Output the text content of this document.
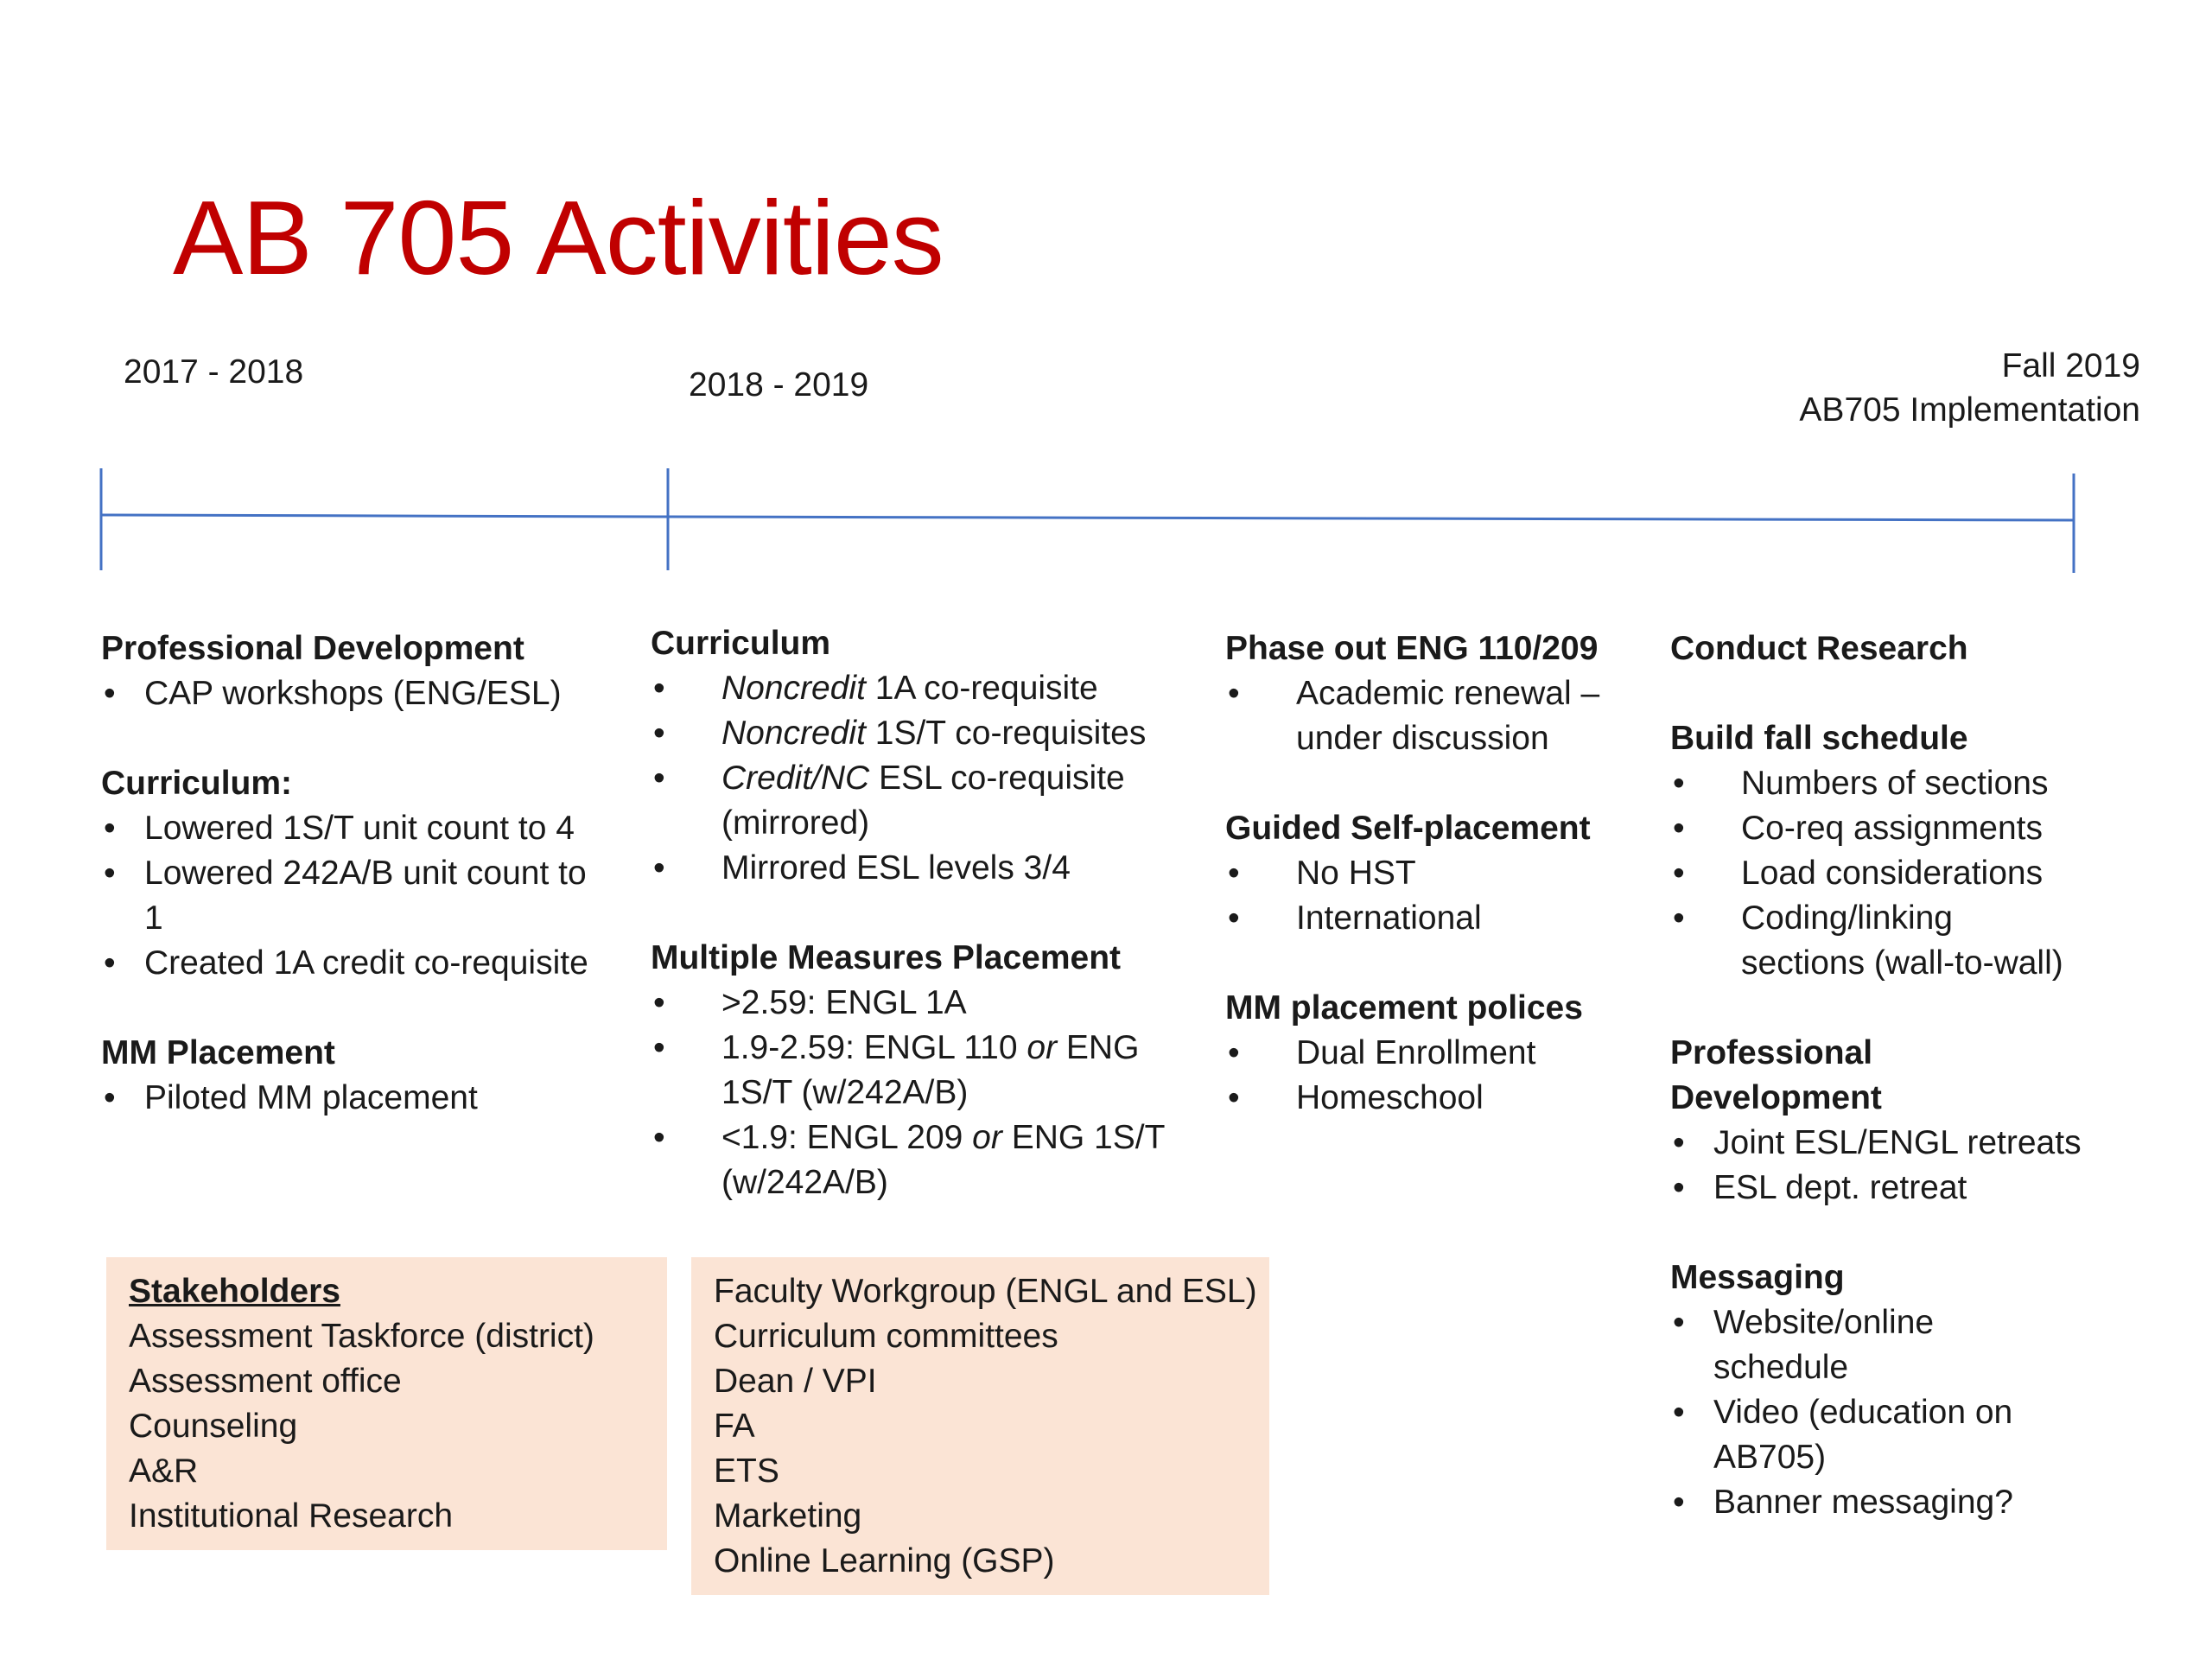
AB 705 Activities
2017 - 2018	2018 - 2019
Fall 2019
AB705 Implementation
Professional Development
• CAP workshops (ENG/ESL)
Curriculum:
• Lowered 1S/T unit count to 4
• Lowered 242A/B unit count to 1
• Created 1A credit co-requisite
MM Placement
• Piloted MM placement
Curriculum
• Noncredit 1A co-requisite
• Noncredit 1S/T co-requisites
• Credit/NC ESL co-requisite (mirrored)
• Mirrored ESL levels 3/4
Multiple Measures Placement
• >2.59: ENGL 1A
• 1.9-2.59: ENGL 110 or ENG 1S/T (w/242A/B)
• <1.9: ENGL 209 or ENG 1S/T (w/242A/B)
Phase out ENG 110/209
• Academic renewal – under discussion
Guided Self-placement
• No HST
• International
MM placement polices
• Dual Enrollment
• Homeschool
Conduct Research
Build fall schedule
• Numbers of sections
• Co-req assignments
• Load considerations
• Coding/linking sections (wall-to-wall)
Professional Development
• Joint ESL/ENGL retreats
• ESL dept. retreat
Messaging
• Website/online schedule
• Video (education on AB705)
• Banner messaging?
Stakeholders
Assessment Taskforce (district)
Assessment office
Counseling
A&R
Institutional Research
Faculty Workgroup (ENGL and ESL)
Curriculum committees
Dean / VPI
FA
ETS
Marketing
Online Learning (GSP)
